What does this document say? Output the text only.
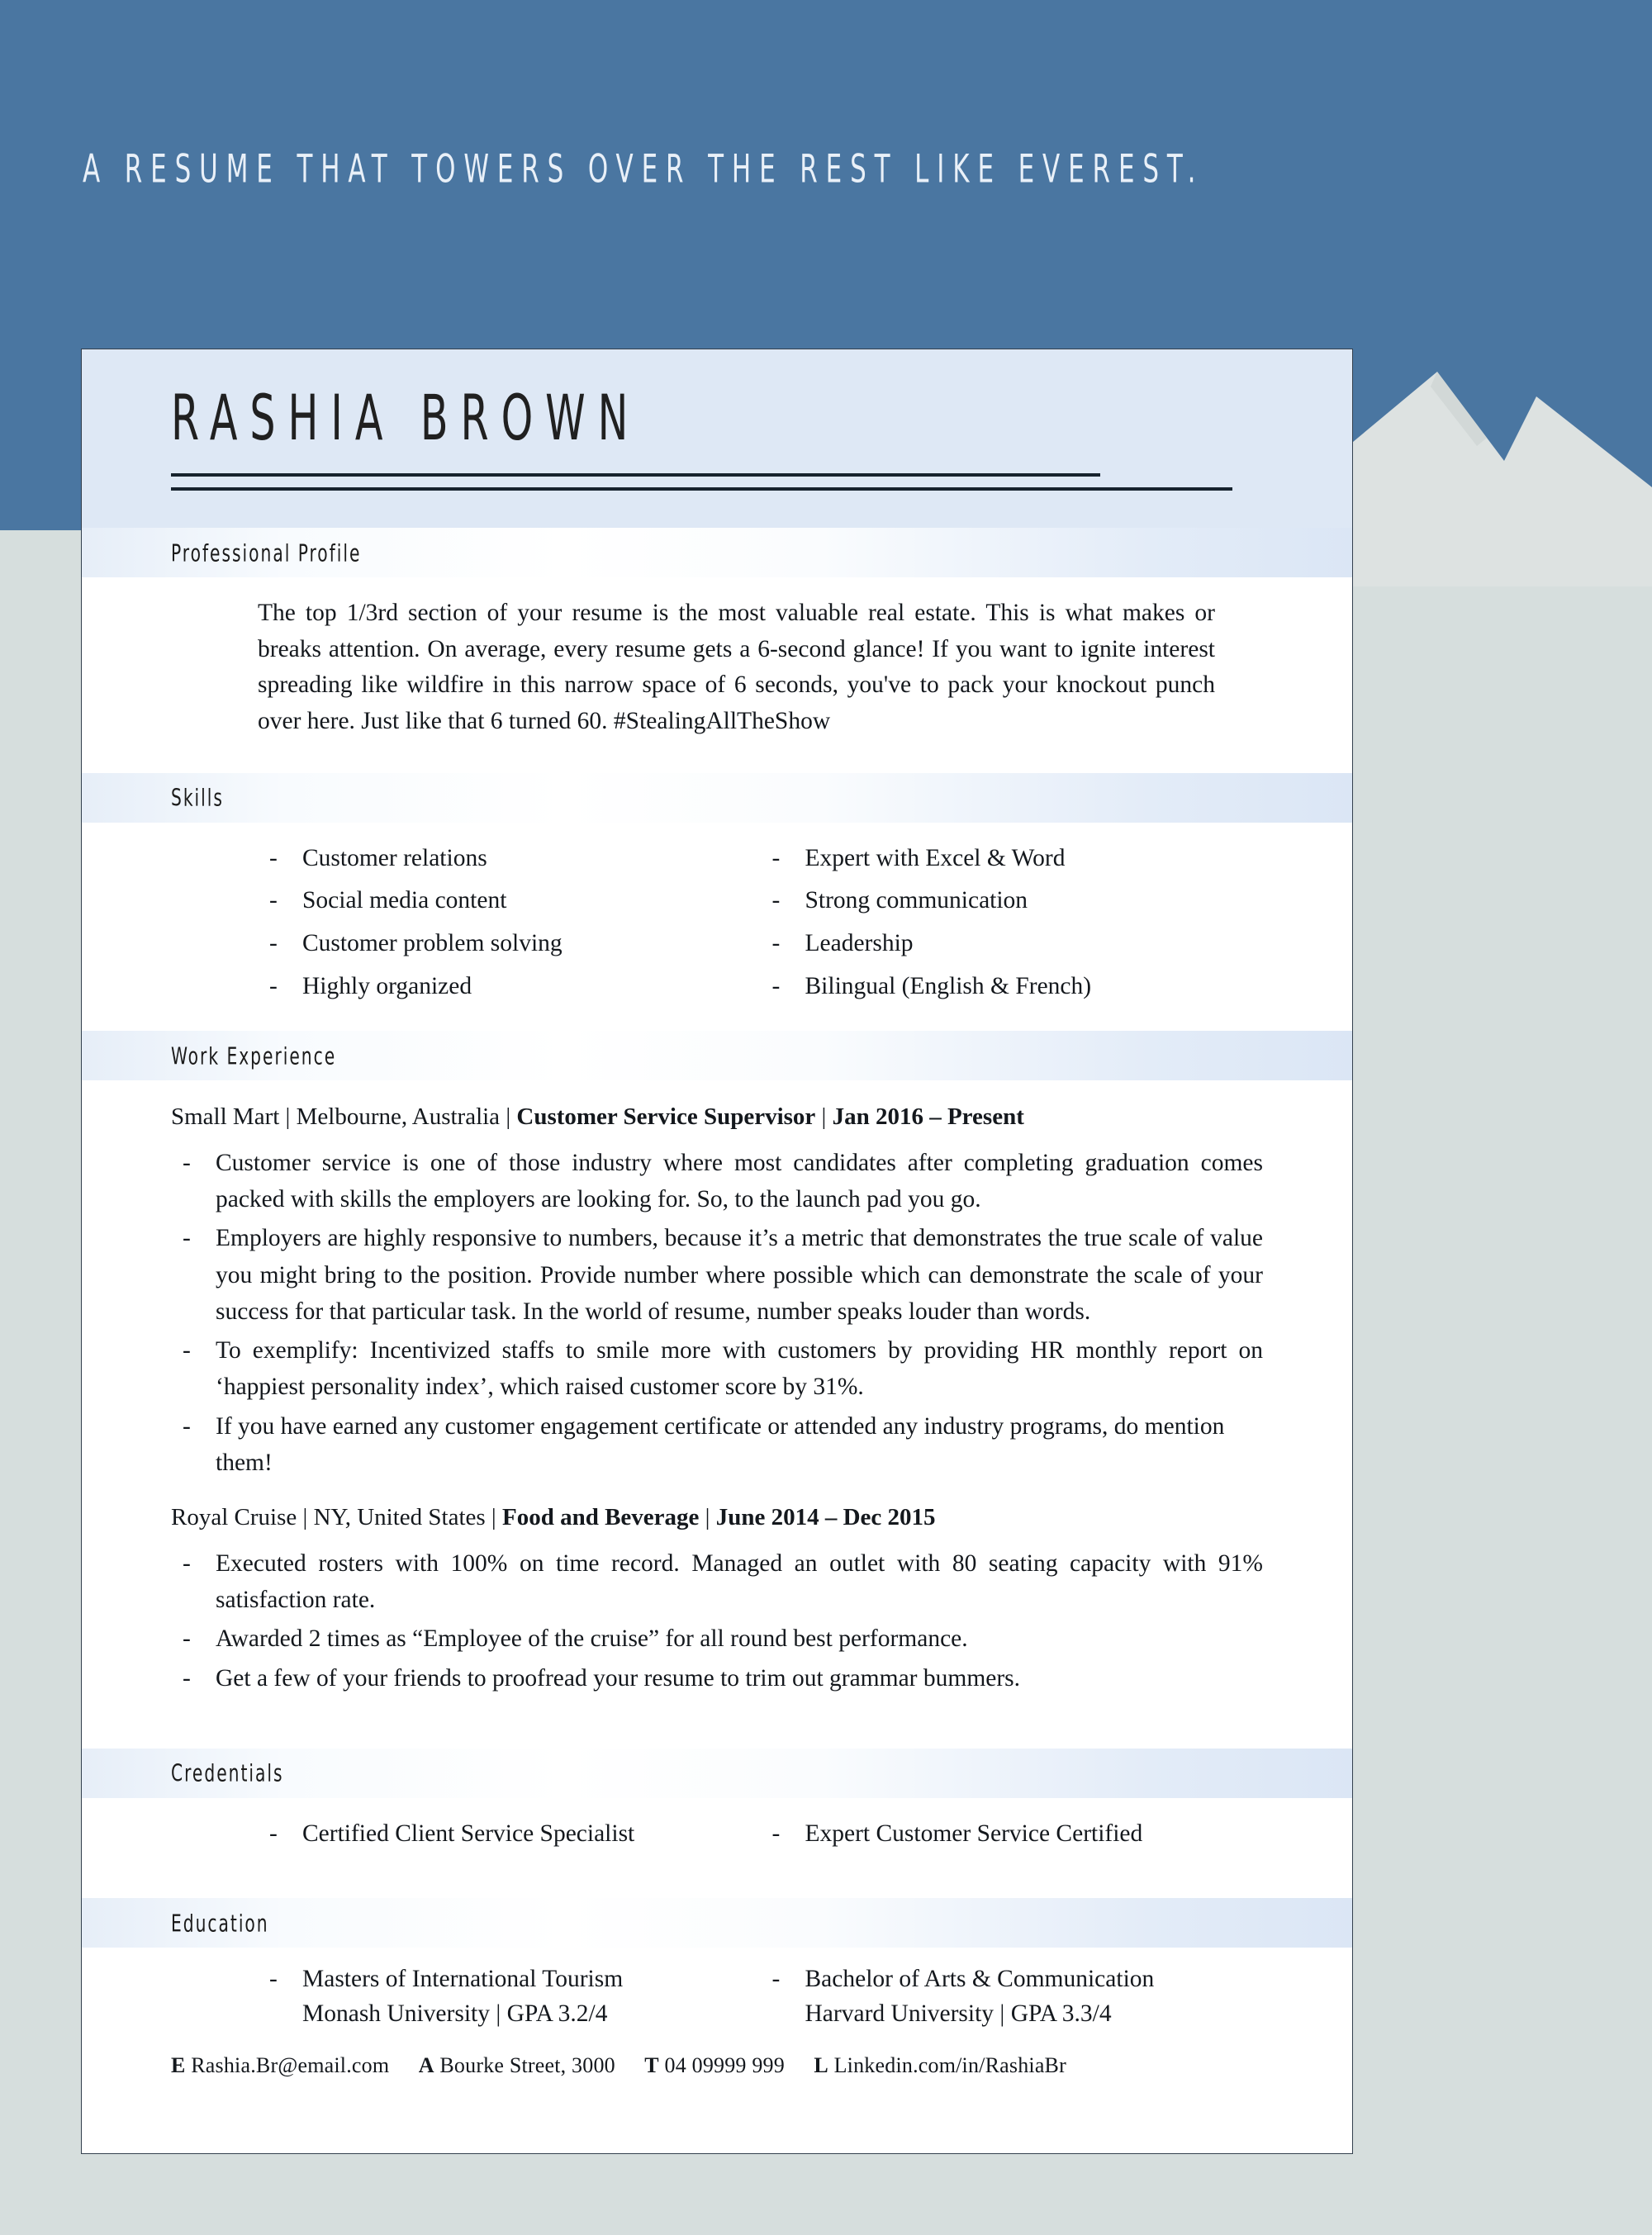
A RESUME THAT TOWERS OVER THE REST LIKE EVEREST.
RASHIA BROWN
Professional Profile

The top 1/3rd section of your resume is the most valuable real estate. This is what makes or breaks attention. On average, every resume gets a 6-second glance! If you want to ignite interest spreading like wildfire in this narrow space of 6 seconds, you've to pack your knockout punch over here. Just like that 6 turned 60. #StealingAllTheShow

Skills
- Customer relations
- Social media content
- Customer problem solving
- Highly organized
- Expert with Excel & Word
- Strong communication
- Leadership
- Bilingual (English & French)
Work Experience
Small Mart | Melbourne, Australia | Customer Service Supervisor | Jan 2016 – Present
- Customer service is one of those industry where most candidates after completing graduation comes packed with skills the employers are looking for. So, to the launch pad you go.
- Employers are highly responsive to numbers, because it’s a metric that demonstrates the true scale of value you might bring to the position. Provide number where possible which can demonstrate the scale of your success for that particular task. In the world of resume, number speaks louder than words.
- To exemplify: Incentivized staffs to smile more with customers by providing HR monthly report on ‘happiest personality index’, which raised customer score by 31%.
- If you have earned any customer engagement certificate or attended any industry programs, do mention them!
Royal Cruise | NY, United States | Food and Beverage | June 2014 – Dec 2015
- Executed rosters with 100% on time record. Managed an outlet with 80 seating capacity with 91% satisfaction rate.
- Awarded 2 times as “Employee of the cruise” for all round best performance.
- Get a few of your friends to proofread your resume to trim out grammar bummers.
Credentials
- Certified Client Service Specialist	- Expert Customer Service Certified
Education
- Masters of International Tourism
Monash University | GPA 3.2/4
- Bachelor of Arts & Communication
Harvard University | GPA 3.3/4
E Rashia.Br@email.com A Bourke Street, 3000 T 04 09999 999 L Linkedin.com/in/RashiaBr
